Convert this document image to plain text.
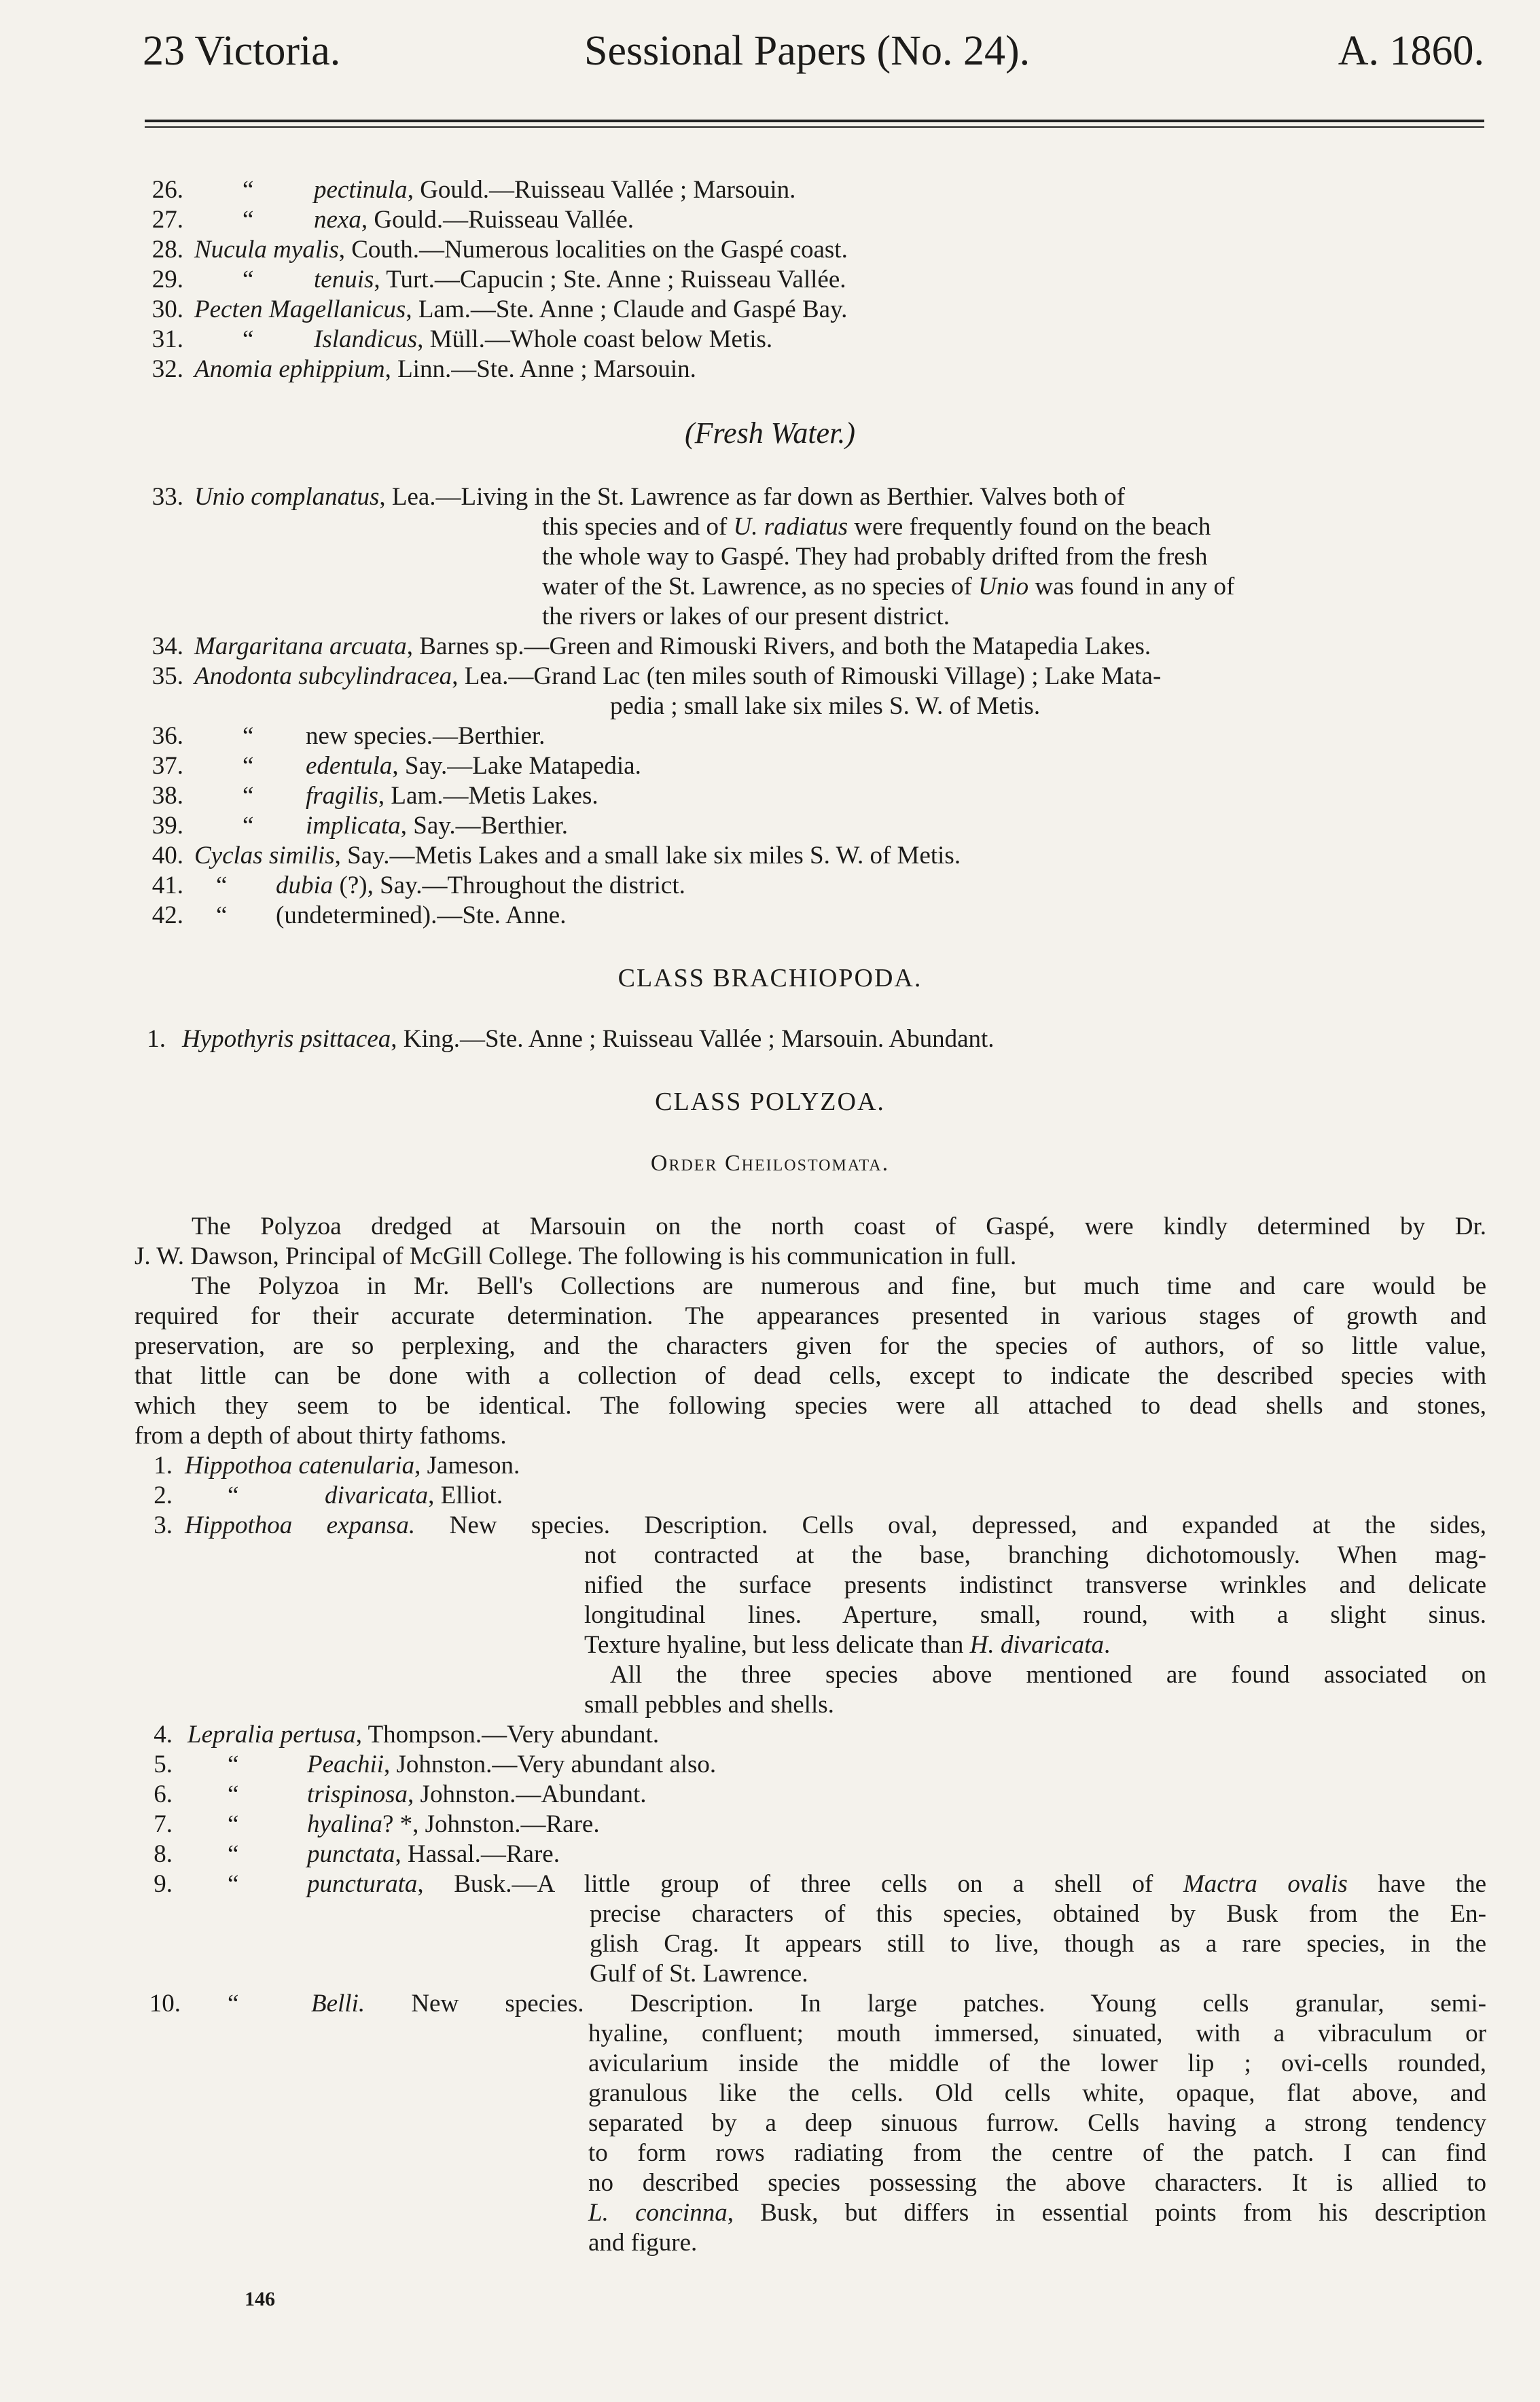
23 Victoria.	Sessional Papers (No. 24).	A. 1860.
26. “ pectinula, Gould.—Ruisseau Vallée ; Marsouin.
27. “ nexa, Gould.—Ruisseau Vallée.
28. Nucula myalis, Couth.—Numerous localities on the Gaspé coast.
29. “ tenuis, Turt.—Capucin ; Ste. Anne ; Ruisseau Vallée.
30. Pecten Magellanicus, Lam.—Ste. Anne ; Claude and Gaspé Bay.
31. “ Islandicus, Müll.—Whole coast below Metis.
32. Anomia ephippium, Linn.—Ste. Anne ; Marsouin.
(Fresh Water.)
33. Unio complanatus, Lea.—Living in the St. Lawrence as far down as Berthier. Valves both of
this species and of U. radiatus were frequently found on the beach
the whole way to Gaspé. They had probably drifted from the fresh
water of the St. Lawrence, as no species of Unio was found in any of
the rivers or lakes of our present district.
34. Margaritana arcuata, Barnes sp.—Green and Rimouski Rivers, and both the Matapedia Lakes.
35. Anodonta subcylindracea, Lea.—Grand Lac (ten miles south of Rimouski Village) ; Lake Mata-
pedia ; small lake six miles S. W. of Metis.
36. “ new species.—Berthier.
37. “ edentula, Say.—Lake Matapedia.
38. “ fragilis, Lam.—Metis Lakes.
39. “ implicata, Say.—Berthier.
40. Cyclas similis, Say.—Metis Lakes and a small lake six miles S. W. of Metis.
41. “ dubia (?), Say.—Throughout the district.
42. “ (undetermined).—Ste. Anne.
CLASS BRACHIOPODA.
1. Hypothyris psittacea, King.—Ste. Anne ; Ruisseau Vallée ; Marsouin. Abundant.
CLASS POLYZOA.
Order Cheilostomata.
The Polyzoa dredged at Marsouin on the north coast of Gaspé, were kindly determined by Dr.
J. W. Dawson, Principal of McGill College. The following is his communication in full.
The Polyzoa in Mr. Bell's Collections are numerous and fine, but much time and care would be
required for their accurate determination. The appearances presented in various stages of growth and
preservation, are so perplexing, and the characters given for the species of authors, of so little value,
that little can be done with a collection of dead cells, except to indicate the described species with
which they seem to be identical. The following species were all attached to dead shells and stones,
from a depth of about thirty fathoms.
1. Hippothoa catenularia, Jameson.
2. “	divaricata, Elliot.
3. Hippothoa expansa. New species. Description. Cells oval, depressed, and expanded at the sides,
not contracted at the base, branching dichotomously. When mag-
nified the surface presents indistinct transverse wrinkles and delicate
longitudinal lines. Aperture, small, round, with a slight sinus.
Texture hyaline, but less delicate than H. divaricata.
All the three species above mentioned are found associated on
small pebbles and shells.
4. Lepralia pertusa, Thompson.—Very abundant.
5. “	Peachii, Johnston.—Very abundant also.
6. “	trispinosa, Johnston.—Abundant.
7. “	hyalina? *, Johnston.—Rare.
8. “	punctata, Hassal.—Rare.
9. “	puncturata, Busk.—A little group of three cells on a shell of Mactra ovalis have the
precise characters of this species, obtained by Busk from the En-
glish Crag. It appears still to live, though as a rare species, in the
Gulf of St. Lawrence.
10. “	Belli. New species. Description. In large patches. Young cells granular, semi-
hyaline, confluent; mouth immersed, sinuated, with a vibraculum or
avicularium inside the middle of the lower lip ; ovi-cells rounded,
granulous like the cells. Old cells white, opaque, flat above, and
separated by a deep sinuous furrow. Cells having a strong tendency
to form rows radiating from the centre of the patch. I can find
no described species possessing the above characters. It is allied to
L. concinna, Busk, but differs in essential points from his description
and figure.
146
